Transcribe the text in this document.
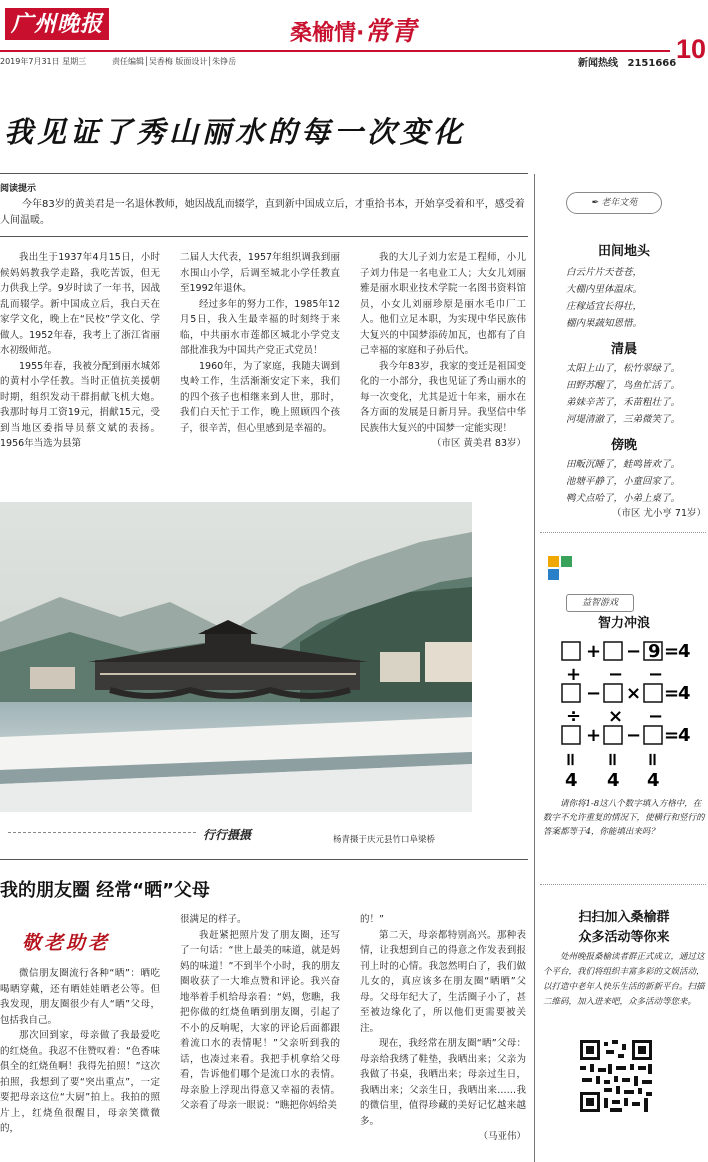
广州晚报	桑榆情·常青
10
2019年7月31日 星期三	责任编辑│吴香梅 版面设计│朱铮岳	新闻热线 2151666
我见证了秀山丽水的每一次变化
阅读提示
今年83岁的黄美君是一名退休教师，她因战乱而辍学，直到新中国成立后，才重拾书本，开始享受着和平，感受着人间温暖。

我出生于1937年4月15日，小时候妈妈教我学走路，我吃苦饭，但无力供我上学。9岁时读了一年书，因战乱而辍学。新中国成立后，我白天在家学文化，晚上在“民校”学文化、学做人。1952年春，我考上了浙江省丽水初级师范。

1955年春，我被分配到丽水城郊的黄村小学任教。当时正值抗美援朝时期，组织发动干群捐献飞机大炮。我那时每月工资19元，捐献15元，受到当地区委指导员蔡文斌的表扬。1956年当选为县第

二届人大代表，1957年组织调我到丽水围山小学，后调至城北小学任教直至1992年退休。

经过多年的努力工作，1985年12月5日，我入生最幸福的时刻终于来临，中共丽水市莲都区城北小学党支部批准我为中国共产党正式党员！

1960年，为了家庭，我随夫调到曳岭工作，生活渐渐安定下来，我们的四个孩子也相继来到人世，那时，我们白天忙于工作，晚上照顾四个孩子，很辛苦，但心里感到是幸福的。

我的大儿子刘力宏是工程师，小儿子刘力伟是一名电业工人；大女儿刘丽雅是丽水职业技术学院一名图书资料馆员，小女儿刘丽珍原是丽水毛巾厂工人。他们立足本职，为实现中华民族伟大复兴的中国梦添砖加瓦，也都有了自己幸福的家庭和子孙后代。

我今年83岁，我家的变迁是祖国变化的一小部分，我也见证了秀山丽水的每一次变化，尤其是近十年来，丽水在各方面的发展是日新月异。我坚信中华民族伟大复兴的中国梦一定能实现！

（市区 黄美君 83岁）

行行摄摄	杨青摄于庆元县竹口阜梁桥
我的朋友圈 经常“晒”父母
敬老助老

微信朋友圈流行各种“晒”：晒吃喝晒穿戴，还有晒娃娃晒老公等。但我发现，朋友圈很少有人“晒”父母，包括我自己。

那次回到家，母亲做了我最爱吃的红烧鱼。我忍不住赞叹着：“色香味俱全的红烧鱼啊！我得先拍照！”这次拍照，我想到了要“突出重点”，一定要把母亲这位“大厨”拍上。我拍的照片上，红烧鱼很醒目，母亲笑微微的，

很满足的样子。

我赶紧把照片发了朋友圈，还写了一句话：“世上最美的味道，就是妈妈的味道！”不到半个小时，我的朋友圈收获了一大堆点赞和评论。我兴奋地举着手机给母亲看：“妈，您瞧，我把你做的红烧鱼晒到朋友圈，引起了不小的反响呢，大家的评论后面都跟着流口水的表情呢！”父亲听到我的话，也凑过来看。我把手机拿给父母看，告诉他们哪个是流口水的表情。母亲脸上浮现出得意又幸福的表情。父亲看了母亲一眼说：“瞧把你妈给美

的！”

第二天，母亲都特别高兴。那种表情，让我想到自己的得意之作发表到报刊上时的心情。我忽然明白了，我们做儿女的，真应该多在朋友圈“晒晒”父母。父母年纪大了，生活圈子小了，甚至被边缘化了，所以他们更需要被关注。

现在，我经常在朋友圈“晒”父母：母亲给我绣了鞋垫，我晒出来；父亲为我做了书桌，我晒出来；母亲过生日，我晒出来；父亲生日，我晒出来……我的微信里，值得珍藏的美好记忆越来越多。

（马亚伟）

✒ 老年文苑
田间地头
白云片片天苍苍，
大棚内里体温床。
庄稼适宜长得壮，
棚内果蔬知恩惜。
清晨
太阳上山了，松竹翠绿了。
田野苏醒了，鸟鱼忙活了。
弟妹辛苦了，禾苗粗壮了。
河堤清澈了，三弟微笑了。
傍晚
田畈沉睡了，蛙鸣皆欢了。
池塘平静了，小童回家了。
鸭犬点哈了，小弟上桌了。
（市区 尤小亨 71岁）
益智游戏
智力冲浪
+ − 9 =
4
+ − −
− × =
4
÷ × −
+ − =
4
= = =
4 4 4
请你将1-8这八个数字填入方格中，在数字不允许重复的情况下，使横行和竖行的答案都等于4，你能填出来吗？
扫扫加入桑榆群
众多活动等你来
处州晚报桑榆读者群正式成立，通过这个平台，我们将组织丰富多彩的文娱活动，以打造中老年人快乐生活的新新平台。扫描二维码，加入进来吧，众多活动等您来。
